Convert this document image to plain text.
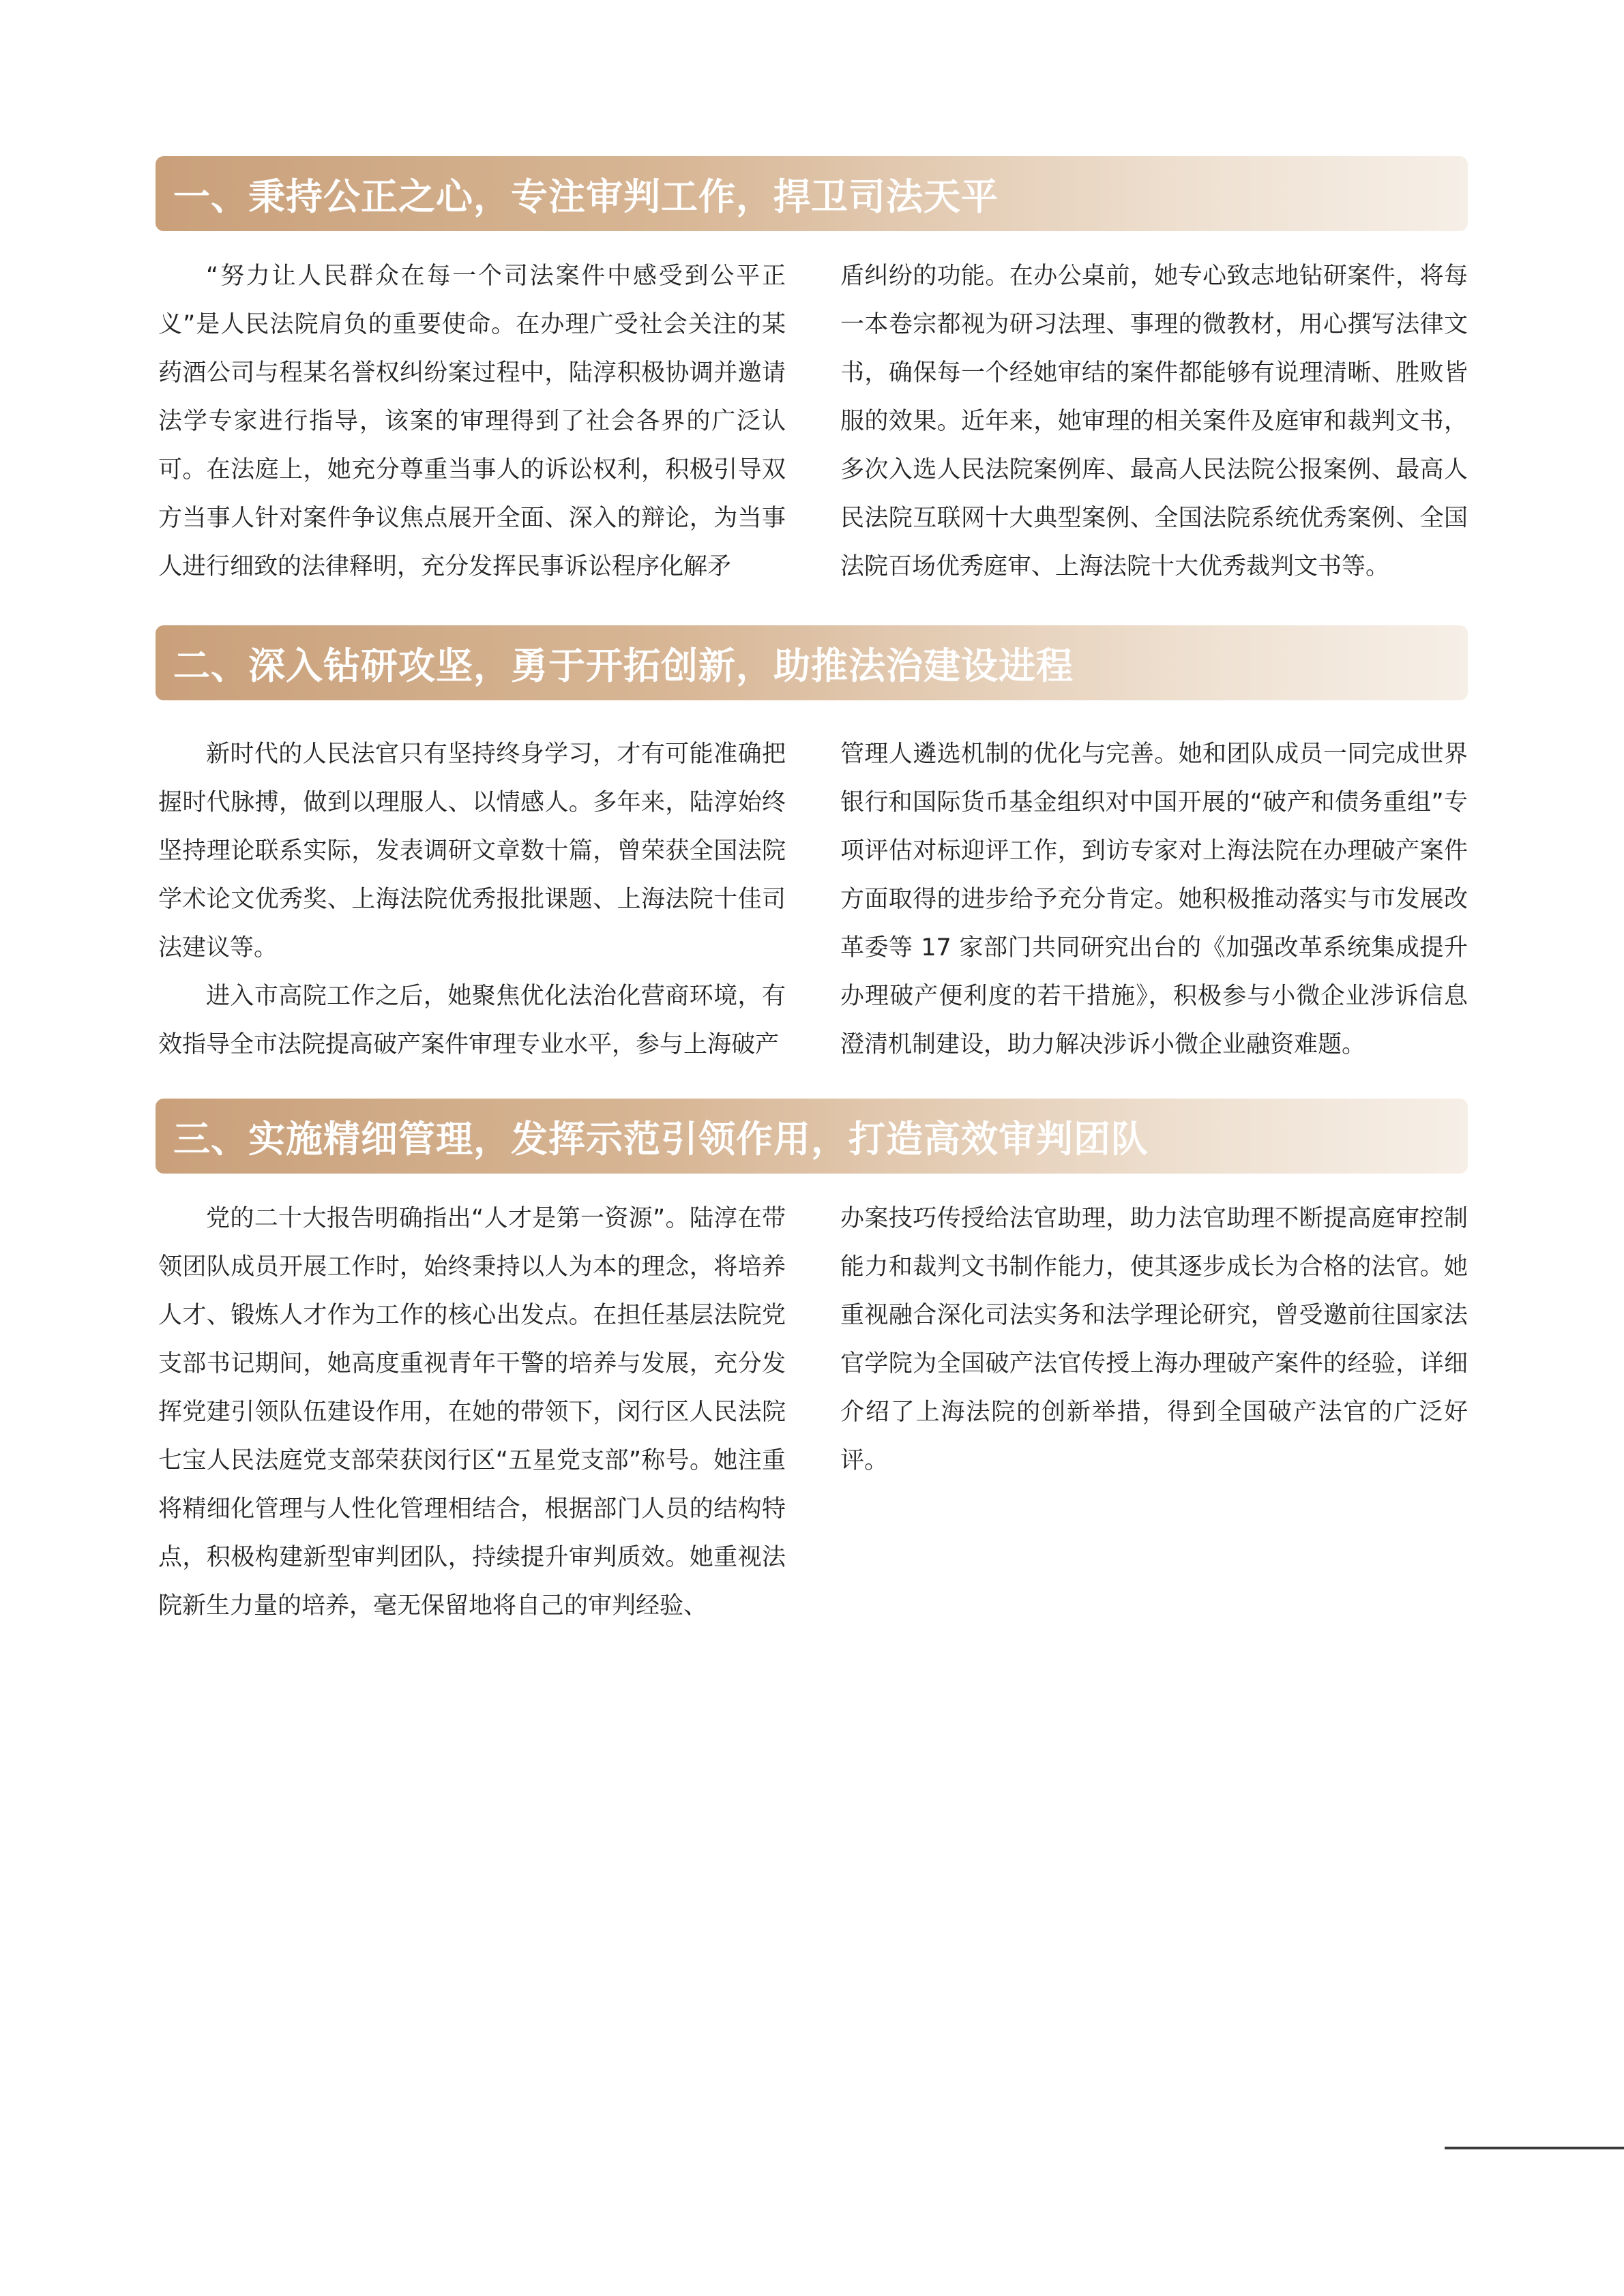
一、秉持公正之心，专注审判工作，捍卫司法天平

“努力让人民群众在每一个司法案件中感受到公平正义”是人民法院肩负的重要使命。在办理广受社会关注的某药酒公司与程某名誉权纠纷案过程中，陆淳积极协调并邀请法学专家进行指导，该案的审理得到了社会各界的广泛认可。在法庭上，她充分尊重当事人的诉讼权利，积极引导双方当事人针对案件争议焦点展开全面、深入的辩论，为当事人进行细致的法律释明，充分发挥民事诉讼程序化解矛

盾纠纷的功能。在办公桌前，她专心致志地钻研案件，将每一本卷宗都视为研习法理、事理的微教材，用心撰写法律文书，确保每一个经她审结的案件都能够有说理清晰、胜败皆服的效果。近年来，她审理的相关案件及庭审和裁判文书，多次入选人民法院案例库、最高人民法院公报案例、最高人民法院互联网十大典型案例、全国法院系统优秀案例、全国法院百场优秀庭审、上海法院十大优秀裁判文书等。

二、深入钻研攻坚，勇于开拓创新，助推法治建设进程

新时代的人民法官只有坚持终身学习，才有可能准确把握时代脉搏，做到以理服人、以情感人。多年来，陆淳始终坚持理论联系实际，发表调研文章数十篇，曾荣获全国法院学术论文优秀奖、上海法院优秀报批课题、上海法院十佳司法建议等。

进入市高院工作之后，她聚焦优化法治化营商环境，有效指导全市法院提高破产案件审理专业水平，参与上海破产

管理人遴选机制的优化与完善。她和团队成员一同完成世界银行和国际货币基金组织对中国开展的“破产和债务重组”专项评估对标迎评工作，到访专家对上海法院在办理破产案件方面取得的进步给予充分肯定。她积极推动落实与市发展改革委等 17 家部门共同研究出台的《加强改革系统集成提升办理破产便利度的若干措施》，积极参与小微企业涉诉信息澄清机制建设，助力解决涉诉小微企业融资难题。

三、实施精细管理，发挥示范引领作用，打造高效审判团队

党的二十大报告明确指出“人才是第一资源”。陆淳在带领团队成员开展工作时，始终秉持以人为本的理念，将培养人才、锻炼人才作为工作的核心出发点。在担任基层法院党支部书记期间，她高度重视青年干警的培养与发展，充分发挥党建引领队伍建设作用，在她的带领下，闵行区人民法院七宝人民法庭党支部荣获闵行区“五星党支部”称号。她注重将精细化管理与人性化管理相结合，根据部门人员的结构特点，积极构建新型审判团队，持续提升审判质效。她重视法院新生力量的培养，毫无保留地将自己的审判经验、

办案技巧传授给法官助理，助力法官助理不断提高庭审控制能力和裁判文书制作能力，使其逐步成长为合格的法官。她重视融合深化司法实务和法学理论研究，曾受邀前往国家法官学院为全国破产法官传授上海办理破产案件的经验，详细介绍了上海法院的创新举措，得到全国破产法官的广泛好评。
